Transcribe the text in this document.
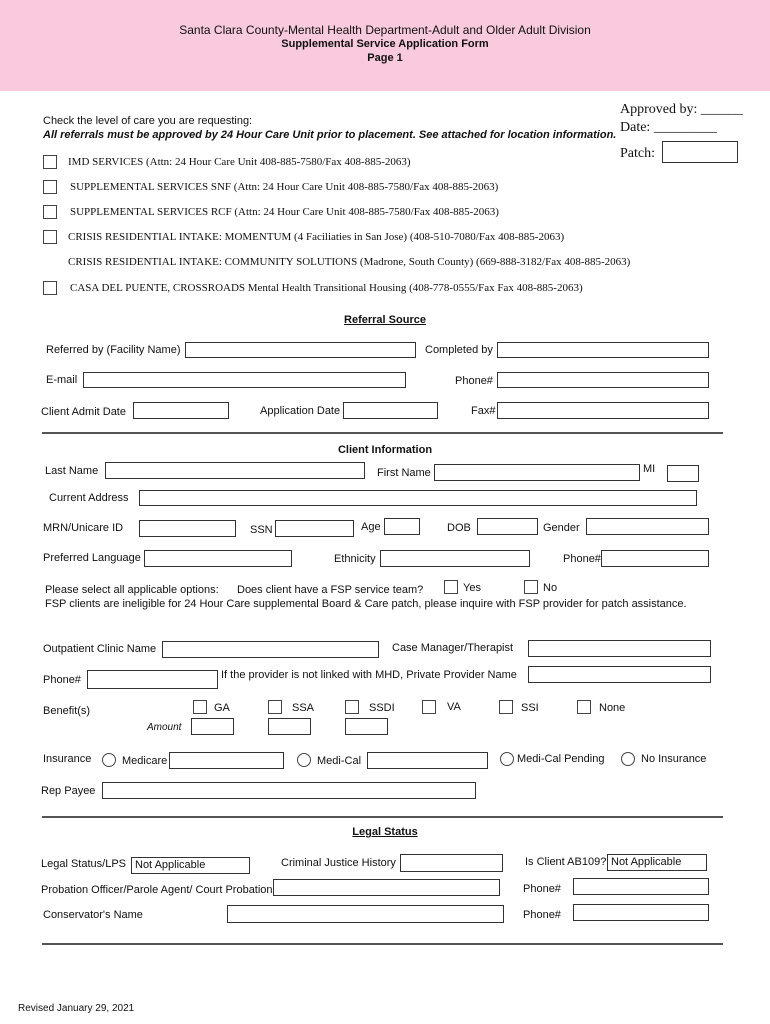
Santa Clara County-Mental Health Department-Adult and Older Adult Division
Supplemental Service Application Form
Page 1
Approved by: ______
Date: _________
Patch:
Check the level of care you are requesting:
All referrals must be approved by 24 Hour Care Unit prior to placement. See attached for location information.
IMD SERVICES (Attn: 24 Hour Care Unit 408-885-7580/Fax 408-885-2063)
SUPPLEMENTAL SERVICES SNF (Attn: 24 Hour Care Unit 408-885-7580/Fax 408-885-2063)
SUPPLEMENTAL SERVICES RCF (Attn: 24 Hour Care Unit 408-885-7580/Fax 408-885-2063)
CRISIS RESIDENTIAL INTAKE: MOMENTUM (4 Faciliaties in San Jose) (408-510-7080/Fax 408-885-2063)
CRISIS RESIDENTIAL INTAKE: COMMUNITY SOLUTIONS (Madrone, South County) (669-888-3182/Fax 408-885-2063)
CASA DEL PUENTE, CROSSROADS Mental Health Transitional Housing (408-778-0555/Fax Fax 408-885-2063)
Referral Source
Referred by (Facility Name)	Completed by
E-mail	Phone#
Client Admit Date	Application Date	Fax#
Client Information
Last Name	First Name	MI
Current Address
MRN/Unicare ID	SSN	Age	DOB	Gender
Preferred Language	Ethnicity	Phone#
Please select all applicable options: Does client have a FSP service team?	Yes	No
FSP clients are ineligible for 24 Hour Care supplemental Board & Care patch, please inquire with FSP provider for patch assistance.
Outpatient Clinic Name	Case Manager/Therapist
Phone#	If the provider is not linked with MHD, Private Provider Name
Benefit(s)	GA	SSA	SSDI	VA	SSI	None
Amount
Insurance	Medicare	Medi-Cal	Medi-Cal Pending	No Insurance
Rep Payee
Legal Status
Legal Status/LPS Not Applicable	Criminal Justice History	Is Client AB109? Not Applicable
Probation Officer/Parole Agent/ Court Probation	Phone#
Conservator's Name	Phone#
Revised January 29, 2021
